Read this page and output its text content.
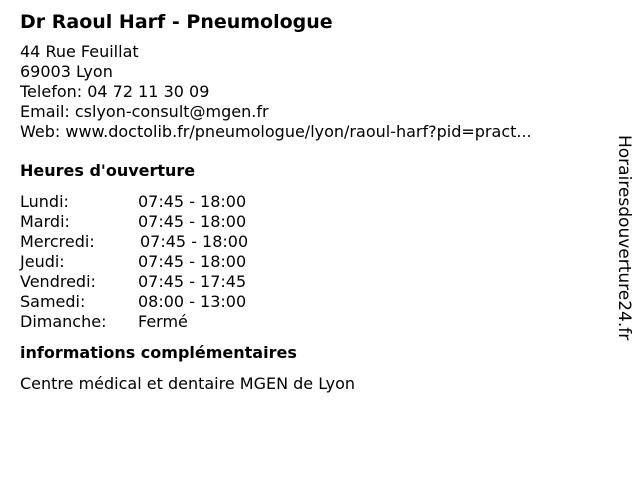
Dr Raoul Harf - Pneumologue
44 Rue Feuillat
69003 Lyon
Telefon: 04 72 11 30 09
Email: cslyon-consult@mgen.fr
Web: www.doctolib.fr/pneumologue/lyon/raoul-harf?pid=pract...
Heures d'ouverture
Lundi:	07:45 - 18:00
Mardi:	07:45 - 18:00
Mercredi:	07:45 - 18:00
Jeudi:	07:45 - 18:00
Vendredi:	07:45 - 17:45
Samedi:	08:00 - 13:00
Dimanche: Fermé
informations complémentaires
Centre médical et dentaire MGEN de Lyon
Horairesdouverture24.fr
